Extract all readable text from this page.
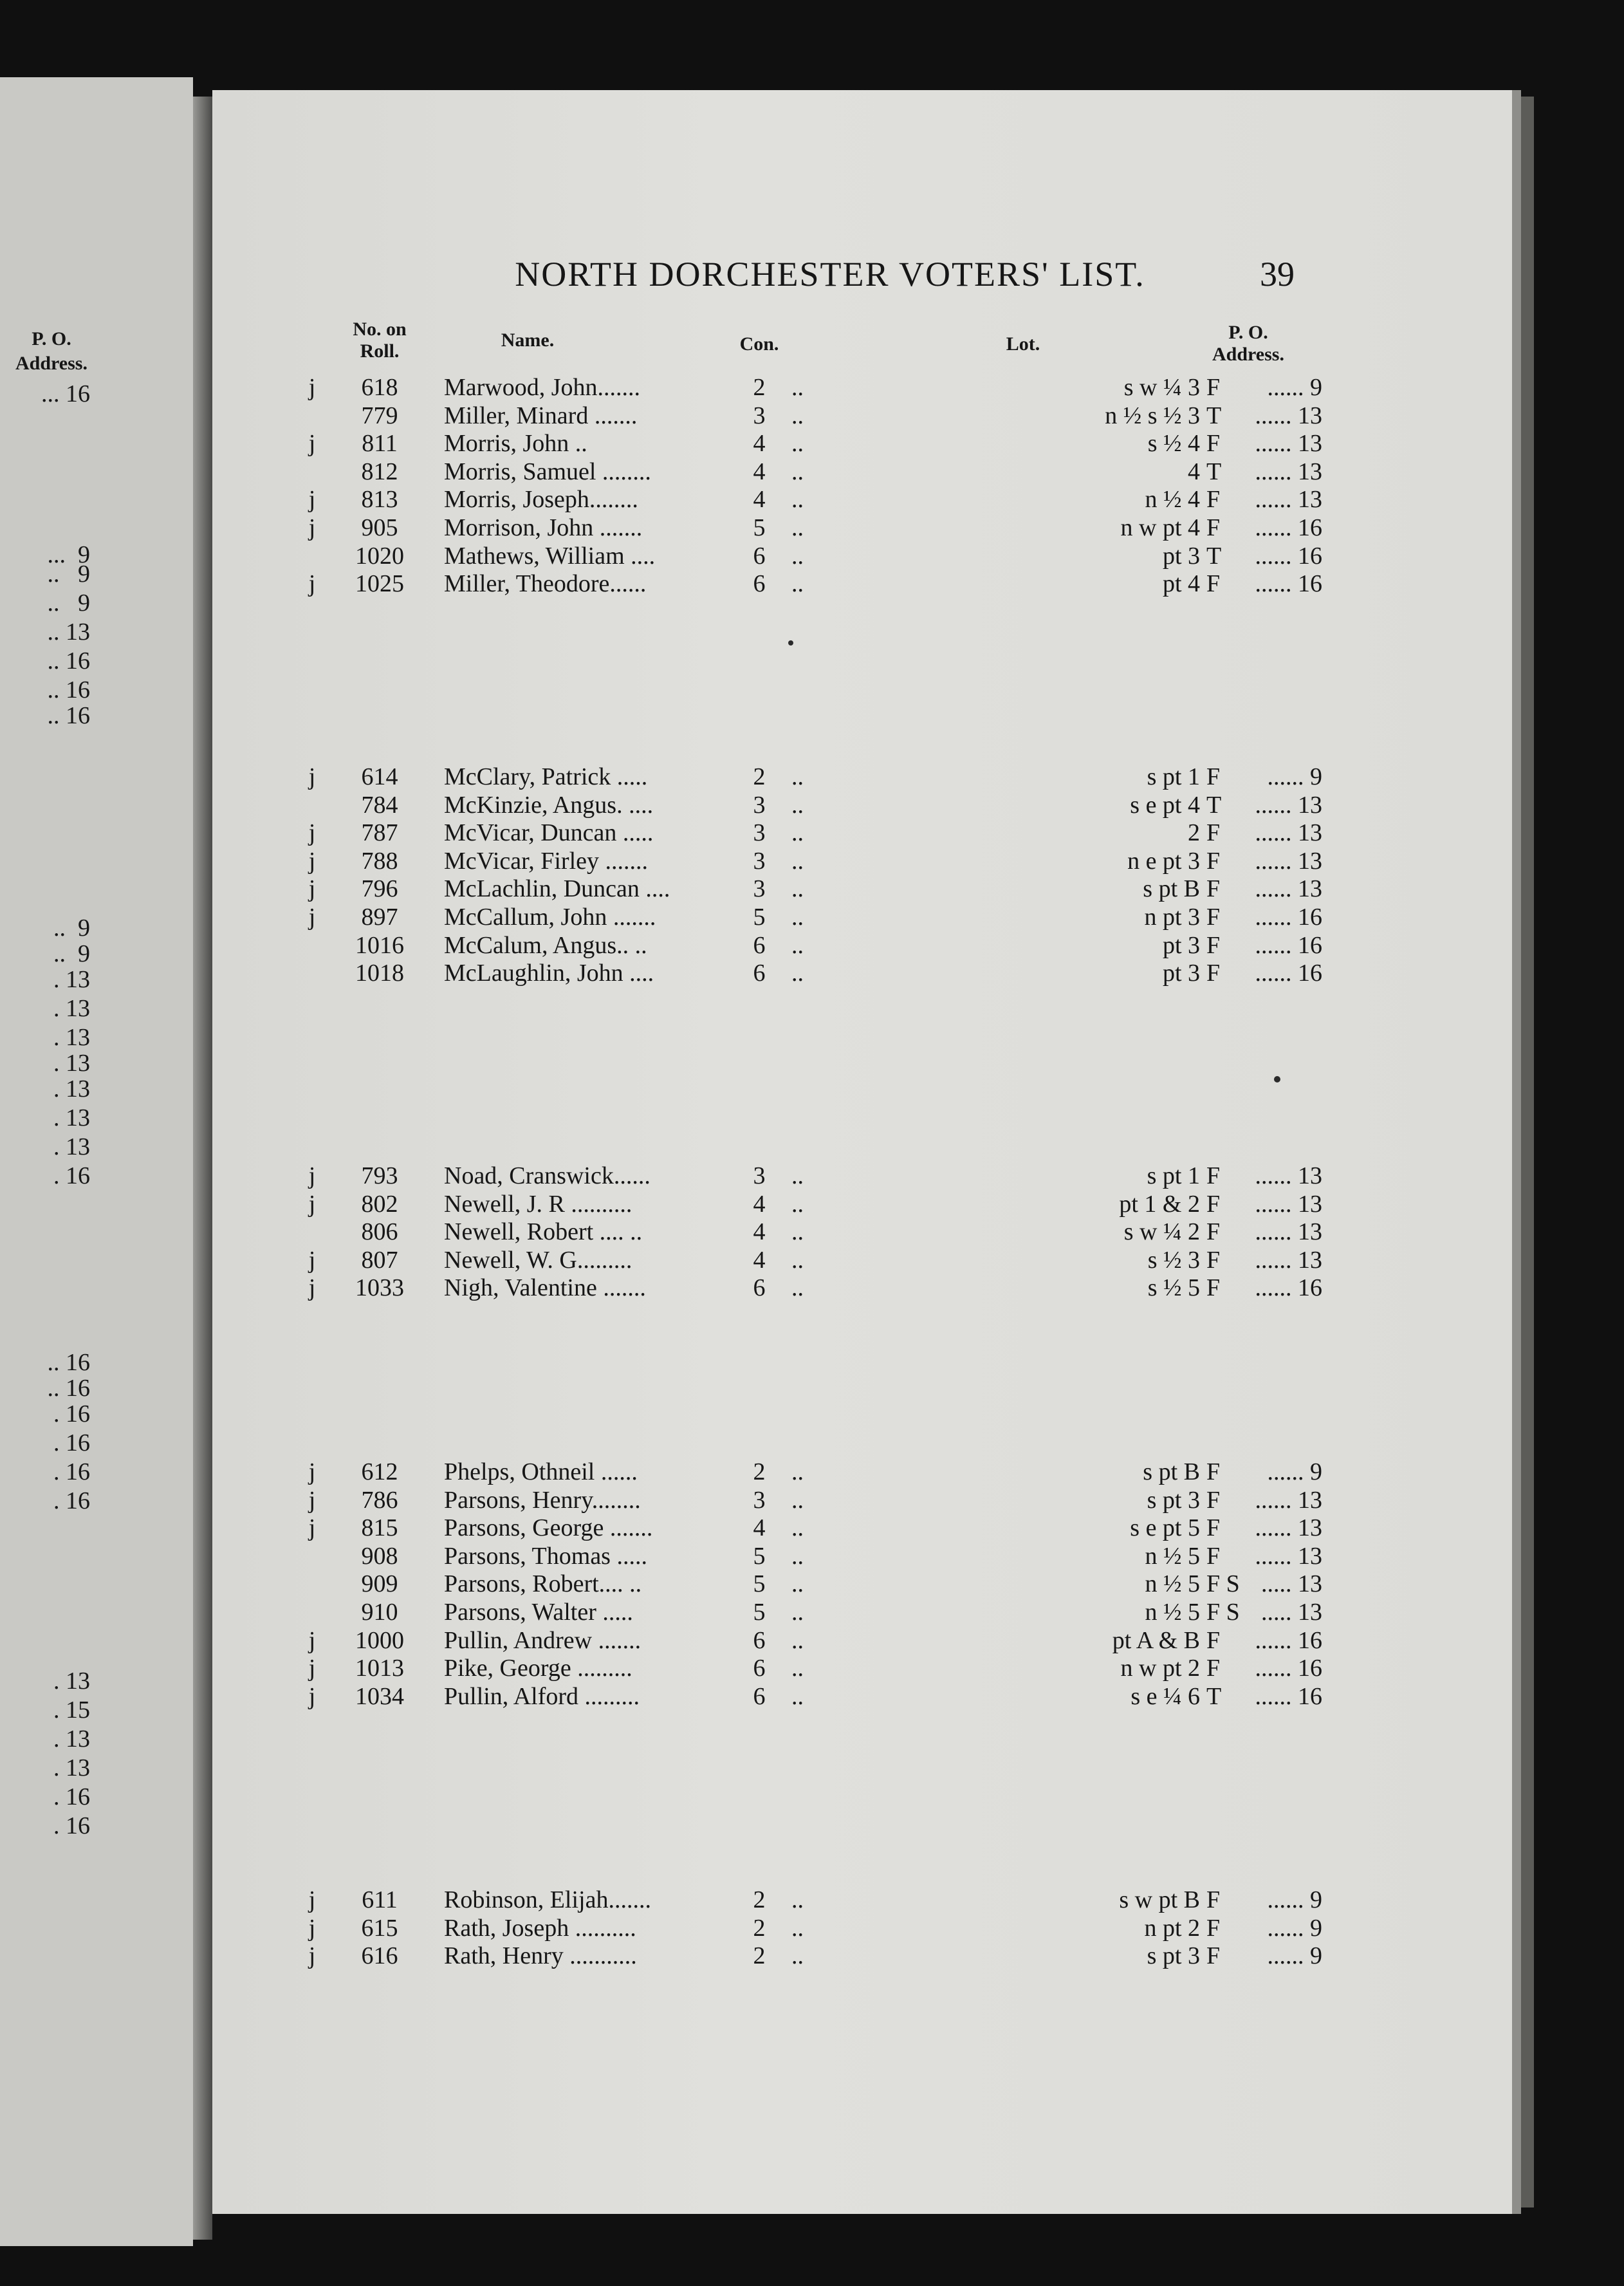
P. O.
Address.
... 16
...  9
..   9
..   9
.. 13
.. 16
.. 16
.. 16
..  9
..  9
. 13
. 13
. 13
. 13
. 13
. 13
. 13
. 16
.. 16
.. 16
. 16
. 16
. 16
. 16
. 13
. 15
. 13
. 13
. 16
. 16
NORTH DORCHESTER VOTERS' LIST.	39
No. on
Roll.
Name.	Con.	Lot.
P. O.
Address.
j	618	Marwood, John.......	2	..	s w ¼ 3 F	...... 9
779	Miller, Minard .......	3	..	n ½ s ½ 3 T	...... 13
j	811	Morris, John ..	4	..	s ½ 4 F	...... 13
812	Morris, Samuel ........	4	..	4 T	...... 13
j	813	Morris, Joseph........	4	..	n ½ 4 F	...... 13
j	905	Morrison, John .......	5	..	n w pt 4 F	...... 16
1020	Mathews, William ....	6	..	pt 3 T	...... 16
j	1025	Miller, Theodore......	6	..	pt 4 F	...... 16
j	614	McClary, Patrick .....	2	..	s pt 1 F	...... 9
784	McKinzie, Angus. ....	3	..	s e pt 4 T	...... 13
j	787	McVicar, Duncan .....	3	..	2 F	...... 13
j	788	McVicar, Firley .......	3	..	n e pt 3 F	...... 13
j	796	McLachlin, Duncan ....	3	..	s pt B F	...... 13
j	897	McCallum, John .......	5	..	n pt 3 F	...... 16
1016	McCalum, Angus.. ..	6	..	pt 3 F	...... 16
1018	McLaughlin, John ....	6	..	pt 3 F	...... 16
j	793	Noad, Cranswick......	3	..	s pt 1 F	...... 13
j	802	Newell, J. R ..........	4	..	pt 1 & 2 F	...... 13
806	Newell, Robert .... ..	4	..	s w ¼ 2 F	...... 13
j	807	Newell, W. G.........	4	..	s ½ 3 F	...... 13
j	1033	Nigh, Valentine .......	6	..	s ½ 5 F	...... 16
j	612	Phelps, Othneil ......	2	..	s pt B F	...... 9
j	786	Parsons, Henry........	3	..	s pt 3 F	...... 13
j	815	Parsons, George .......	4	..	s e pt 5 F	...... 13
908	Parsons, Thomas .....	5	..	n ½ 5 F	...... 13
909	Parsons, Robert.... ..	5	..	n ½ 5 F S ..... 13
910	Parsons, Walter .....	5	..	n ½ 5 F S ..... 13
j	1000	Pullin, Andrew .......	6	..	pt A & B F	...... 16
j	1013	Pike, George .........	6	..	n w pt 2 F	...... 16
j	1034	Pullin, Alford .........	6	..	s e ¼ 6 T	...... 16
j	611	Robinson, Elijah.......	2	..	s w pt B F	...... 9
j	615	Rath, Joseph ..........	2	..	n pt 2 F	...... 9
j	616	Rath, Henry ...........	2	..	s pt 3 F	...... 9
